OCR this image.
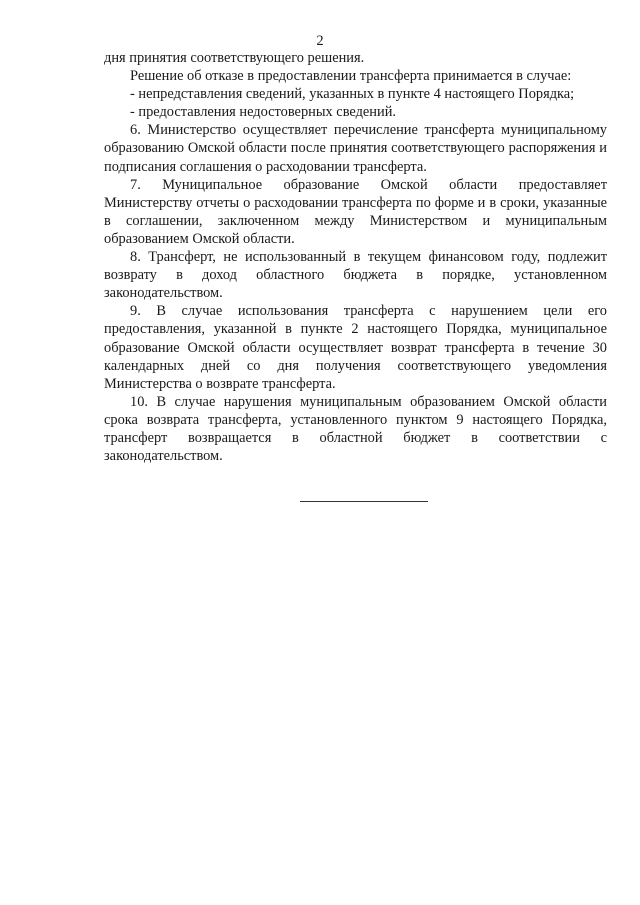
2

дня принятия соответствующего решения.

Решение об отказе в предоставлении трансферта принимается в случае:

- непредставления сведений, указанных в пункте 4 настоящего Порядка;

- предоставления недостоверных сведений.

6. Министерство осуществляет перечисление трансферта муниципальному образованию Омской области после принятия соответствующего распоряжения и подписания соглашения о расходовании трансферта.

7. Муниципальное образование Омской области предоставляет Министерству отчеты о расходовании трансферта по форме и в сроки, указанные в соглашении, заключенном между Министерством и муниципальным образованием Омской области.

8. Трансферт, не использованный в текущем финансовом году, подлежит возврату в доход областного бюджета в порядке, установленном законодательством.

9. В случае использования трансферта с нарушением цели его предоставления, указанной в пункте 2 настоящего Порядка, муниципальное образование Омской области осуществляет возврат трансферта в течение 30 календарных дней со дня получения соответствующего уведомления Министерства о возврате трансферта.

10. В случае нарушения муниципальным образованием Омской области срока возврата трансферта, установленного пунктом 9 настоящего Порядка, трансферт возвращается в областной бюджет в соответствии с законодательством.
